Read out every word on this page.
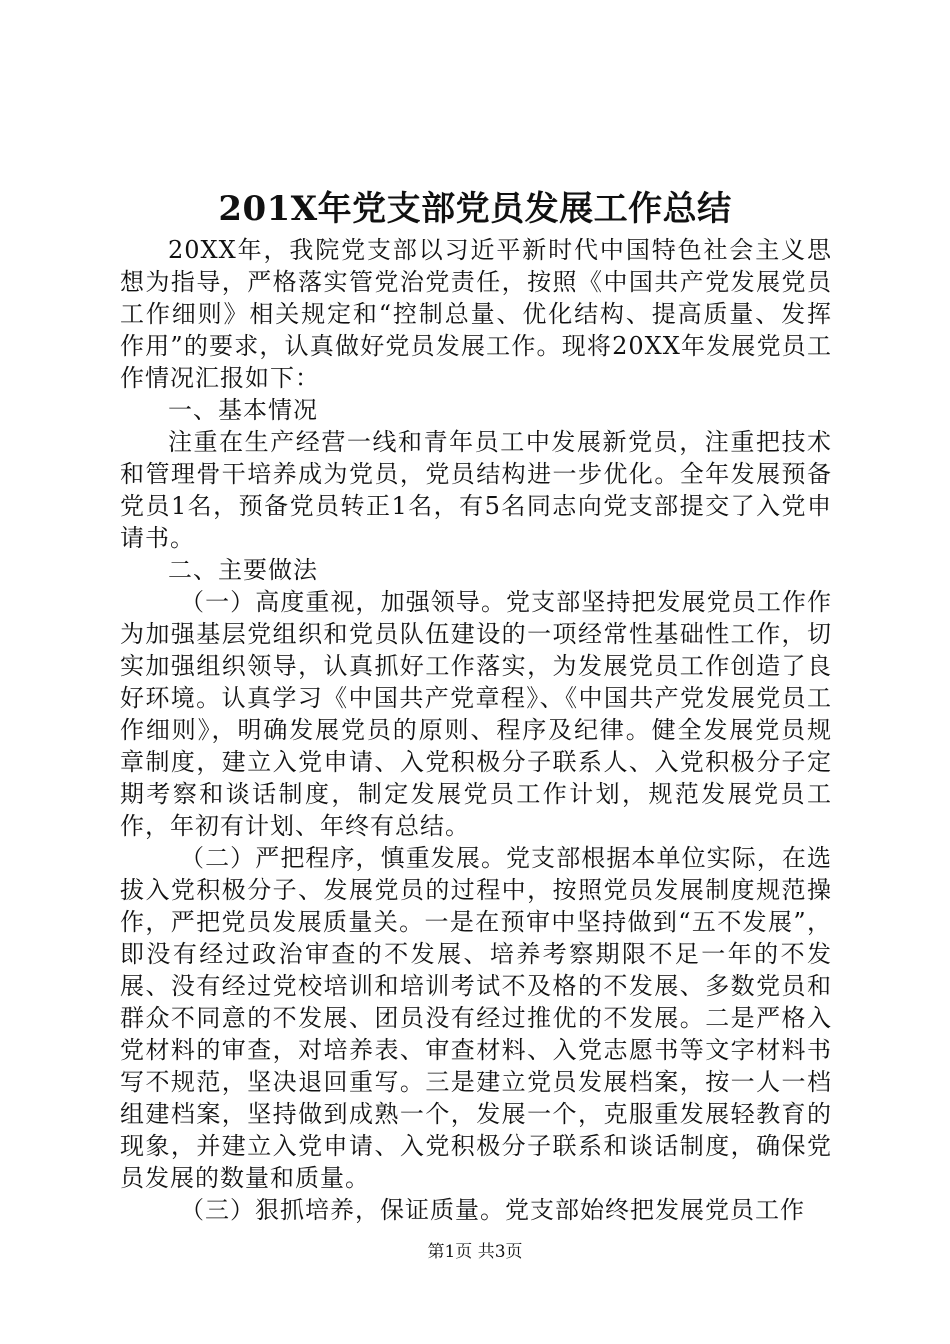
201X年党支部党员发展工作总结

20XX年，我院党支部以习近平新时代中国特色社会主义思想为指导，严格落实管党治党责任，按照《中国共产党发展党员工作细则》相关规定和“控制总量、优化结构、提高质量、发挥作用”的要求，认真做好党员发展工作。现将20XX年发展党员工作情况汇报如下：

一、基本情况

注重在生产经营一线和青年员工中发展新党员，注重把技术和管理骨干培养成为党员，党员结构进一步优化。全年发展预备党员1名，预备党员转正1名，有5名同志向党支部提交了入党申请书。

二、主要做法

（一）高度重视，加强领导。党支部坚持把发展党员工作作为加强基层党组织和党员队伍建设的一项经常性基础性工作，切实加强组织领导，认真抓好工作落实，为发展党员工作创造了良好环境。认真学习《中国共产党章程》、《中国共产党发展党员工作细则》，明确发展党员的原则、程序及纪律。健全发展党员规章制度，建立入党申请、入党积极分子联系人、入党积极分子定期考察和谈话制度，制定发展党员工作计划，规范发展党员工作，年初有计划、年终有总结。

（二）严把程序，慎重发展。党支部根据本单位实际，在选拔入党积极分子、发展党员的过程中，按照党员发展制度规范操作，严把党员发展质量关。一是在预审中坚持做到“五不发展”，即没有经过政治审查的不发展、培养考察期限不足一年的不发展、没有经过党校培训和培训考试不及格的不发展、多数党员和群众不同意的不发展、团员没有经过推优的不发展。二是严格入党材料的审查，对培养表、审查材料、入党志愿书等文字材料书写不规范，坚决退回重写。三是建立党员发展档案，按一人一档组建档案，坚持做到成熟一个，发展一个，克服重发展轻教育的现象，并建立入党申请、入党积极分子联系和谈话制度，确保党员发展的数量和质量。

（三）狠抓培养，保证质量。党支部始终把发展党员工作

第1页 共3页
